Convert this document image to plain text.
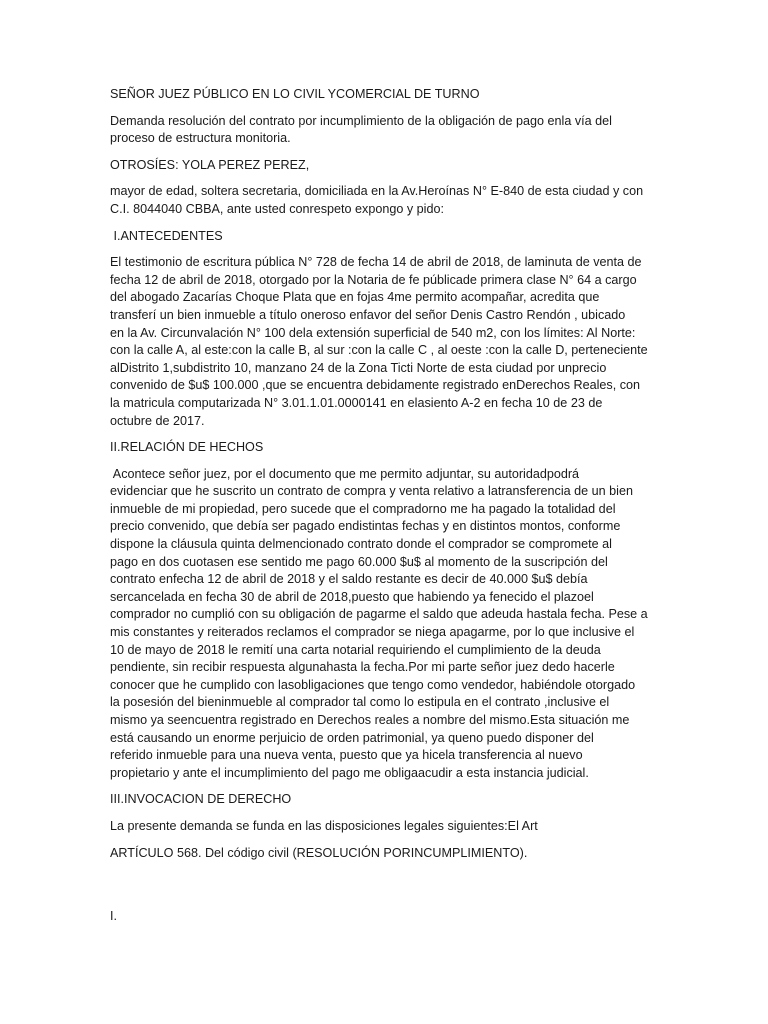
SEÑOR JUEZ PÚBLICO EN LO CIVIL YCOMERCIAL DE TURNO

Demanda resolución del contrato por incumplimiento de la obligación de pago enla vía del
proceso de estructura monitoria.

OTROSÍES: YOLA PEREZ PEREZ,

mayor de edad, soltera secretaria, domiciliada en la Av.Heroínas N° E-840 de esta ciudad y con
C.I. 8044040 CBBA, ante usted conrespeto expongo y pido:

I.ANTECEDENTES

El testimonio de escritura pública N° 728 de fecha 14 de abril de 2018, de laminuta de venta de
fecha 12 de abril de 2018, otorgado por la Notaria de fe públicade primera clase N° 64 a cargo
del abogado Zacarías Choque Plata que en fojas 4me permito acompañar, acredita que
transferí un bien inmueble a título oneroso enfavor del señor Denis Castro Rendón , ubicado
en la Av. Circunvalación N° 100 dela extensión superficial de 540 m2, con los límites: Al Norte:
con la calle A, al este:con la calle B, al sur :con la calle C , al oeste :con la calle D, perteneciente
alDistrito 1,subdistrito 10, manzano 24 de la Zona Ticti Norte de esta ciudad por unprecio
convenido de $u$ 100.000 ,que se encuentra debidamente registrado enDerechos Reales, con
la matricula computarizada N° 3.01.1.01.0000141 en elasiento A-2 en fecha 10 de 23 de
octubre de 2017.

II.RELACIÓN DE HECHOS

Acontece señor juez, por el documento que me permito adjuntar, su autoridadpodrá
evidenciar que he suscrito un contrato de compra y venta relativo a latransferencia de un bien
inmueble de mi propiedad, pero sucede que el compradorno me ha pagado la totalidad del
precio convenido, que debía ser pagado endistintas fechas y en distintos montos, conforme
dispone la cláusula quinta delmencionado contrato donde el comprador se compromete al
pago en dos cuotasen ese sentido me pago 60.000 $u$ al momento de la suscripción del
contrato enfecha 12 de abril de 2018 y el saldo restante es decir de 40.000 $u$ debía
sercancelada en fecha 30 de abril de 2018,puesto que habiendo ya fenecido el plazoel
comprador no cumplió con su obligación de pagarme el saldo que adeuda hastala fecha. Pese a
mis constantes y reiterados reclamos el comprador se niega apagarme, por lo que inclusive el
10 de mayo de 2018 le remití una carta notarial requiriendo el cumplimiento de la deuda
pendiente, sin recibir respuesta algunahasta la fecha.Por mi parte señor juez dedo hacerle
conocer que he cumplido con lasobligaciones que tengo como vendedor, habiéndole otorgado
la posesión del bieninmueble al comprador tal como lo estipula en el contrato ,inclusive el
mismo ya seencuentra registrado en Derechos reales a nombre del mismo.Esta situación me
está causando un enorme perjuicio de orden patrimonial, ya queno puedo disponer del
referido inmueble para una nueva venta, puesto que ya hicela transferencia al nuevo
propietario y ante el incumplimiento del pago me obligaacudir a esta instancia judicial.

III.INVOCACION DE DERECHO

La presente demanda se funda en las disposiciones legales siguientes:El Art

ARTÍCULO 568. Del código civil (RESOLUCIÓN PORINCUMPLIMIENTO).

I.
